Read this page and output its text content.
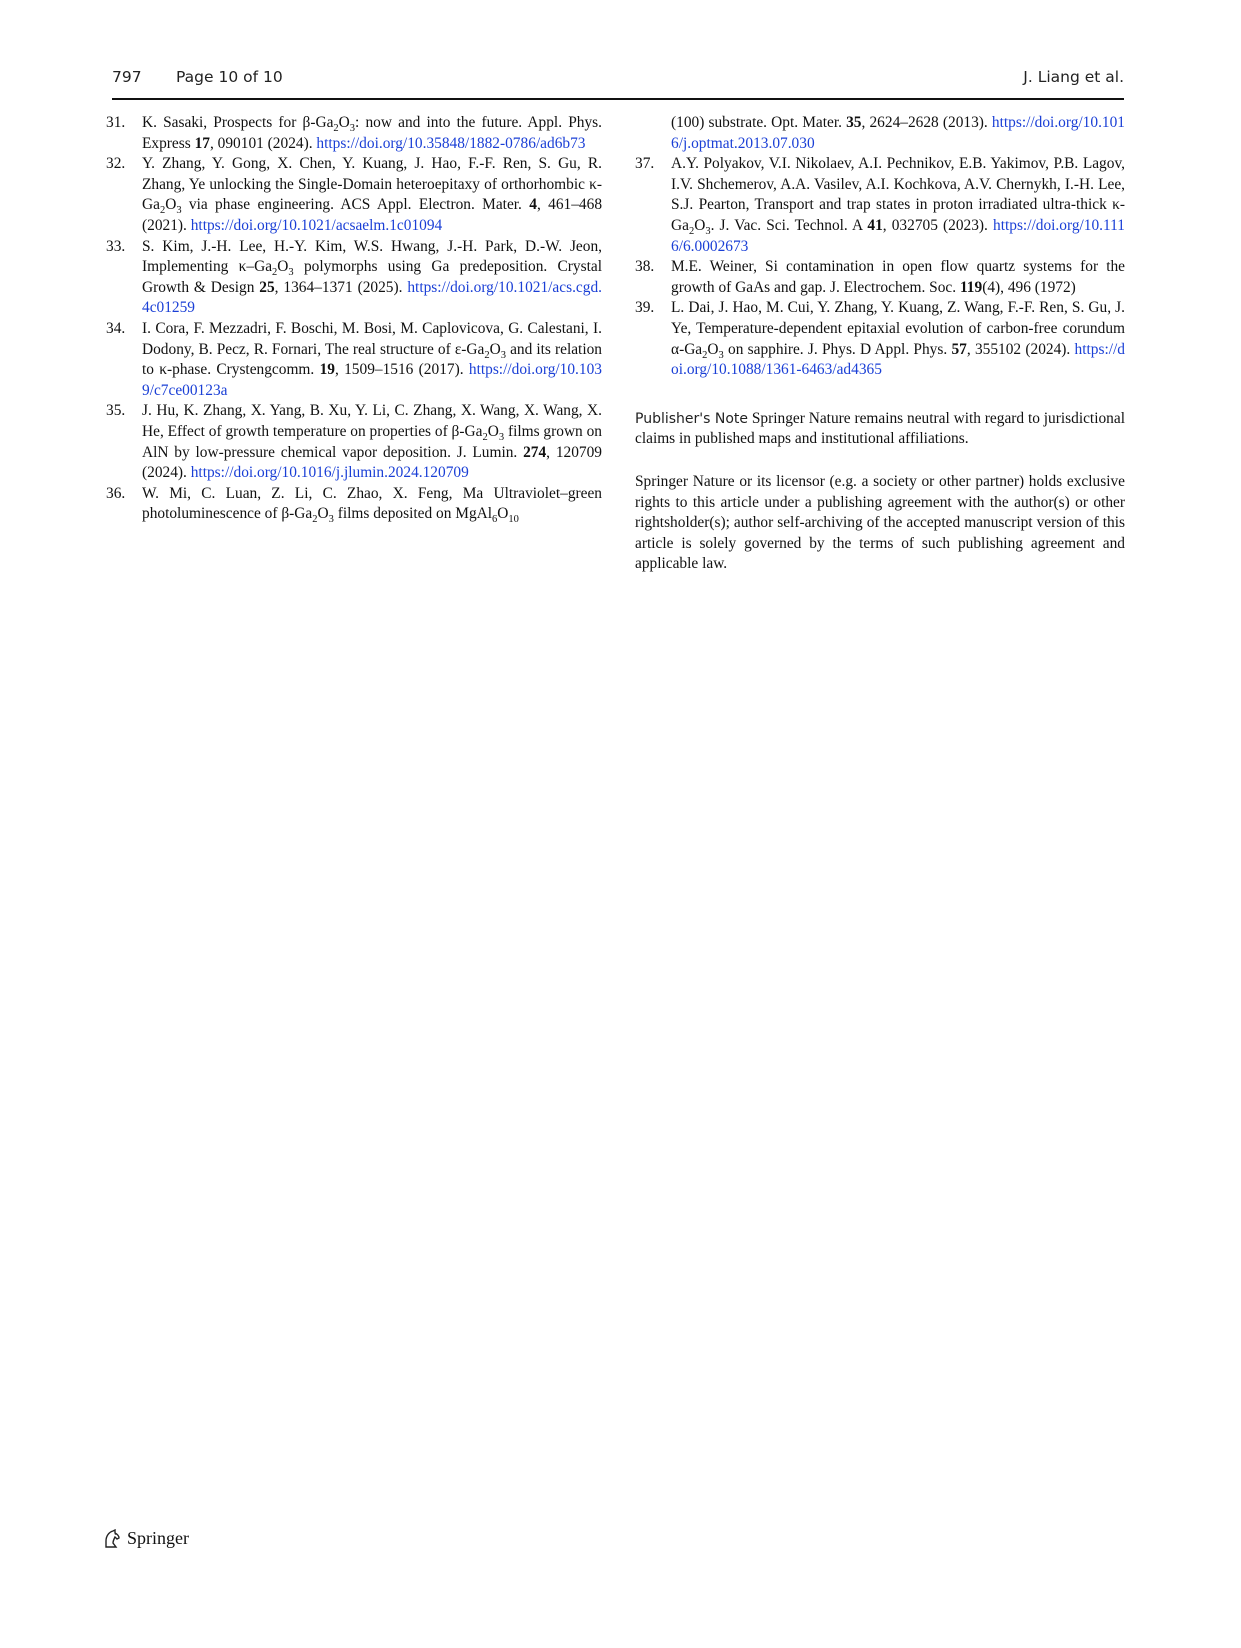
797 Page 10 of 10	J. Liang et al.
31.	K. Sasaki, Prospects for $\beta-Ga_2O_3$: now and into the future. Appl. Phys. Express 17, 090101 (2024). https://doi.org/10.35848/1882-0786/ad6b73
32.	Y. Zhang, Y. Gong, X. Chen, Y. Kuang, J. Hao, F.-F. Ren, S. Gu, R. Zhang, Ye unlocking the Single-Domain heteroepitaxy of orthorhombic $\kappa-Ga_2O_3$ via phase engineering. ACS Appl. Electron. Mater. 4, 461–468 (2021). https://doi.org/10.1021/acsaelm.1c01094
33.	S. Kim, J.-H. Lee, H.-Y. Kim, W.S. Hwang, J.-H. Park, D.-W. Jeon, Implementing $\kappa-Ga_2O_3$ polymorphs using Ga predeposition. Crystal Growth & Design 25, 1364–1371 (2025). https://doi.org/10.1021/acs.cgd.4c01259
34.	I. Cora, F. Mezzadri, F. Boschi, M. Bosi, M. Caplovicova, G. Calestani, I. Dodony, B. Pecz, R. Fornari, The real structure of $\varepsilon-Ga_2O_3$ and its relation to κ-phase. Crystengcomm. 19, 1509–1516 (2017). https://doi.org/10.1039/c7ce00123a
35.	J. Hu, K. Zhang, X. Yang, B. Xu, Y. Li, C. Zhang, X. Wang, X. Wang, X. He, Effect of growth temperature on properties of $\beta-Ga_2O_3$ films grown on AlN by low-pressure chemical vapor deposition. J. Lumin. 274, 120709 (2024). https://doi.org/10.1016/j.jlumin.2024.120709
36.	W. Mi, C. Luan, Z. Li, C. Zhao, X. Feng, Ma Ultraviolet–green photoluminescence of $\beta-Ga_2O_3$ films deposited on $MgAl_6O_{10}$
(100) substrate. Opt. Mater. 35, 2624–2628 (2013). https://doi.org/10.1016/j.optmat.2013.07.030
37.	A.Y. Polyakov, V.I. Nikolaev, A.I. Pechnikov, E.B. Yakimov, P.B. Lagov, I.V. Shchemerov, A.A. Vasilev, A.I. Kochkova, A.V. Chernykh, I.-H. Lee, S.J. Pearton, Transport and trap states in proton irradiated ultra-thick $\kappa-Ga_2O_3$. J. Vac. Sci. Technol. A 41, 032705 (2023). https://doi.org/10.1116/6.0002673
38.	M.E. Weiner, Si contamination in open flow quartz systems for the growth of GaAs and gap. J. Electrochem. Soc. 119(4), 496 (1972)
39.	L. Dai, J. Hao, M. Cui, Y. Zhang, Y. Kuang, Z. Wang, F.-F. Ren, S. Gu, J. Ye, Temperature-dependent epitaxial evolution of carbon-free corundum $\alpha-Ga_2O_3$ on sapphire. J. Phys. D Appl. Phys. 57, 355102 (2024). https://doi.org/10.1088/1361-6463/ad4365

Publisher's Note Springer Nature remains neutral with regard to jurisdictional claims in published maps and institutional affiliations.

Springer Nature or its licensor (e.g. a society or other partner) holds exclusive rights to this article under a publishing agreement with the author(s) or other rightsholder(s); author self-archiving of the accepted manuscript version of this article is solely governed by the terms of such publishing agreement and applicable law.

Springer
